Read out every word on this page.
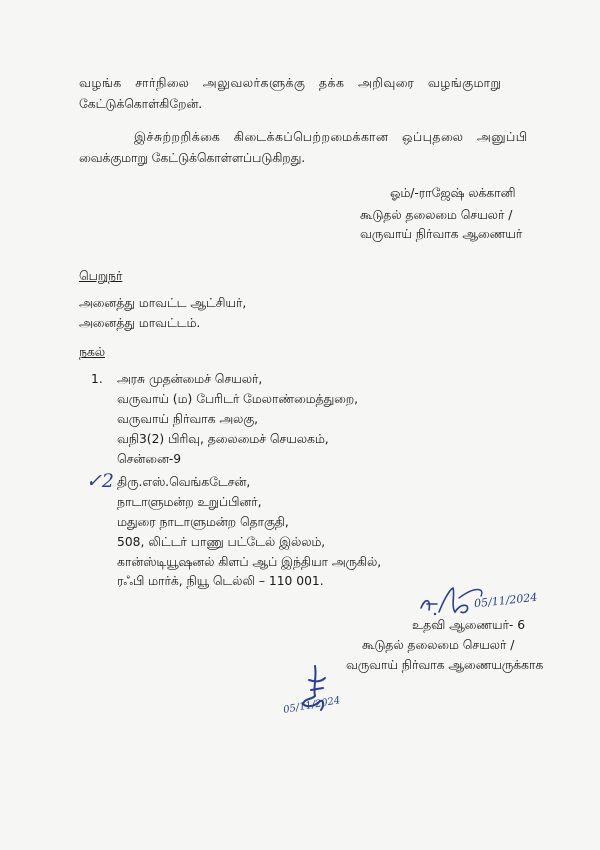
வழங்க சார்நிலை அலுவலர்களுக்கு தக்க அறிவுரை வழங்குமாறு

கேட்டுக்கொள்கிறேன்.

இச்சுற்றறிக்கை கிடைக்கப்பெற்றமைக்கான ஒப்புதலை அனுப்பி

வைக்குமாறு கேட்டுக்கொள்ளப்படுகிறது.

ஓம்/-ராஜேஷ் லக்கானி

கூடுதல் தலைமை செயலர் /

வருவாய் நிர்வாக ஆணையர்

பெறுநர்

அனைத்து மாவட்ட ஆட்சியர்,

அனைத்து மாவட்டம்.

நகல்

1. அரசு முதன்மைச் செயலர்,

வருவாய் (ம) பேரிடர் மேலாண்மைத்துறை,

வருவாய் நிர்வாக அலகு,

வநி3(2) பிரிவு, தலைமைச் செயலகம்,

சென்னை-9

✓2 திரு.எஸ்.வெங்கடேசன்,

நாடாளுமன்ற உறுப்பினர்,

மதுரை நாடாளுமன்ற தொகுதி,

508, லிட்டர் பாணு பட்டேல் இல்லம்,

கான்ஸ்டியூஷனல் கிளப் ஆப் இந்தியா அருகில்,

ரஃபி மார்க், நியூ டெல்லி – 110 001.

05/11/2024

உதவி ஆணையர்- 6

கூடுதல் தலைமை செயலர் /

வருவாய் நிர்வாக ஆணையருக்காக

05/11/2024
